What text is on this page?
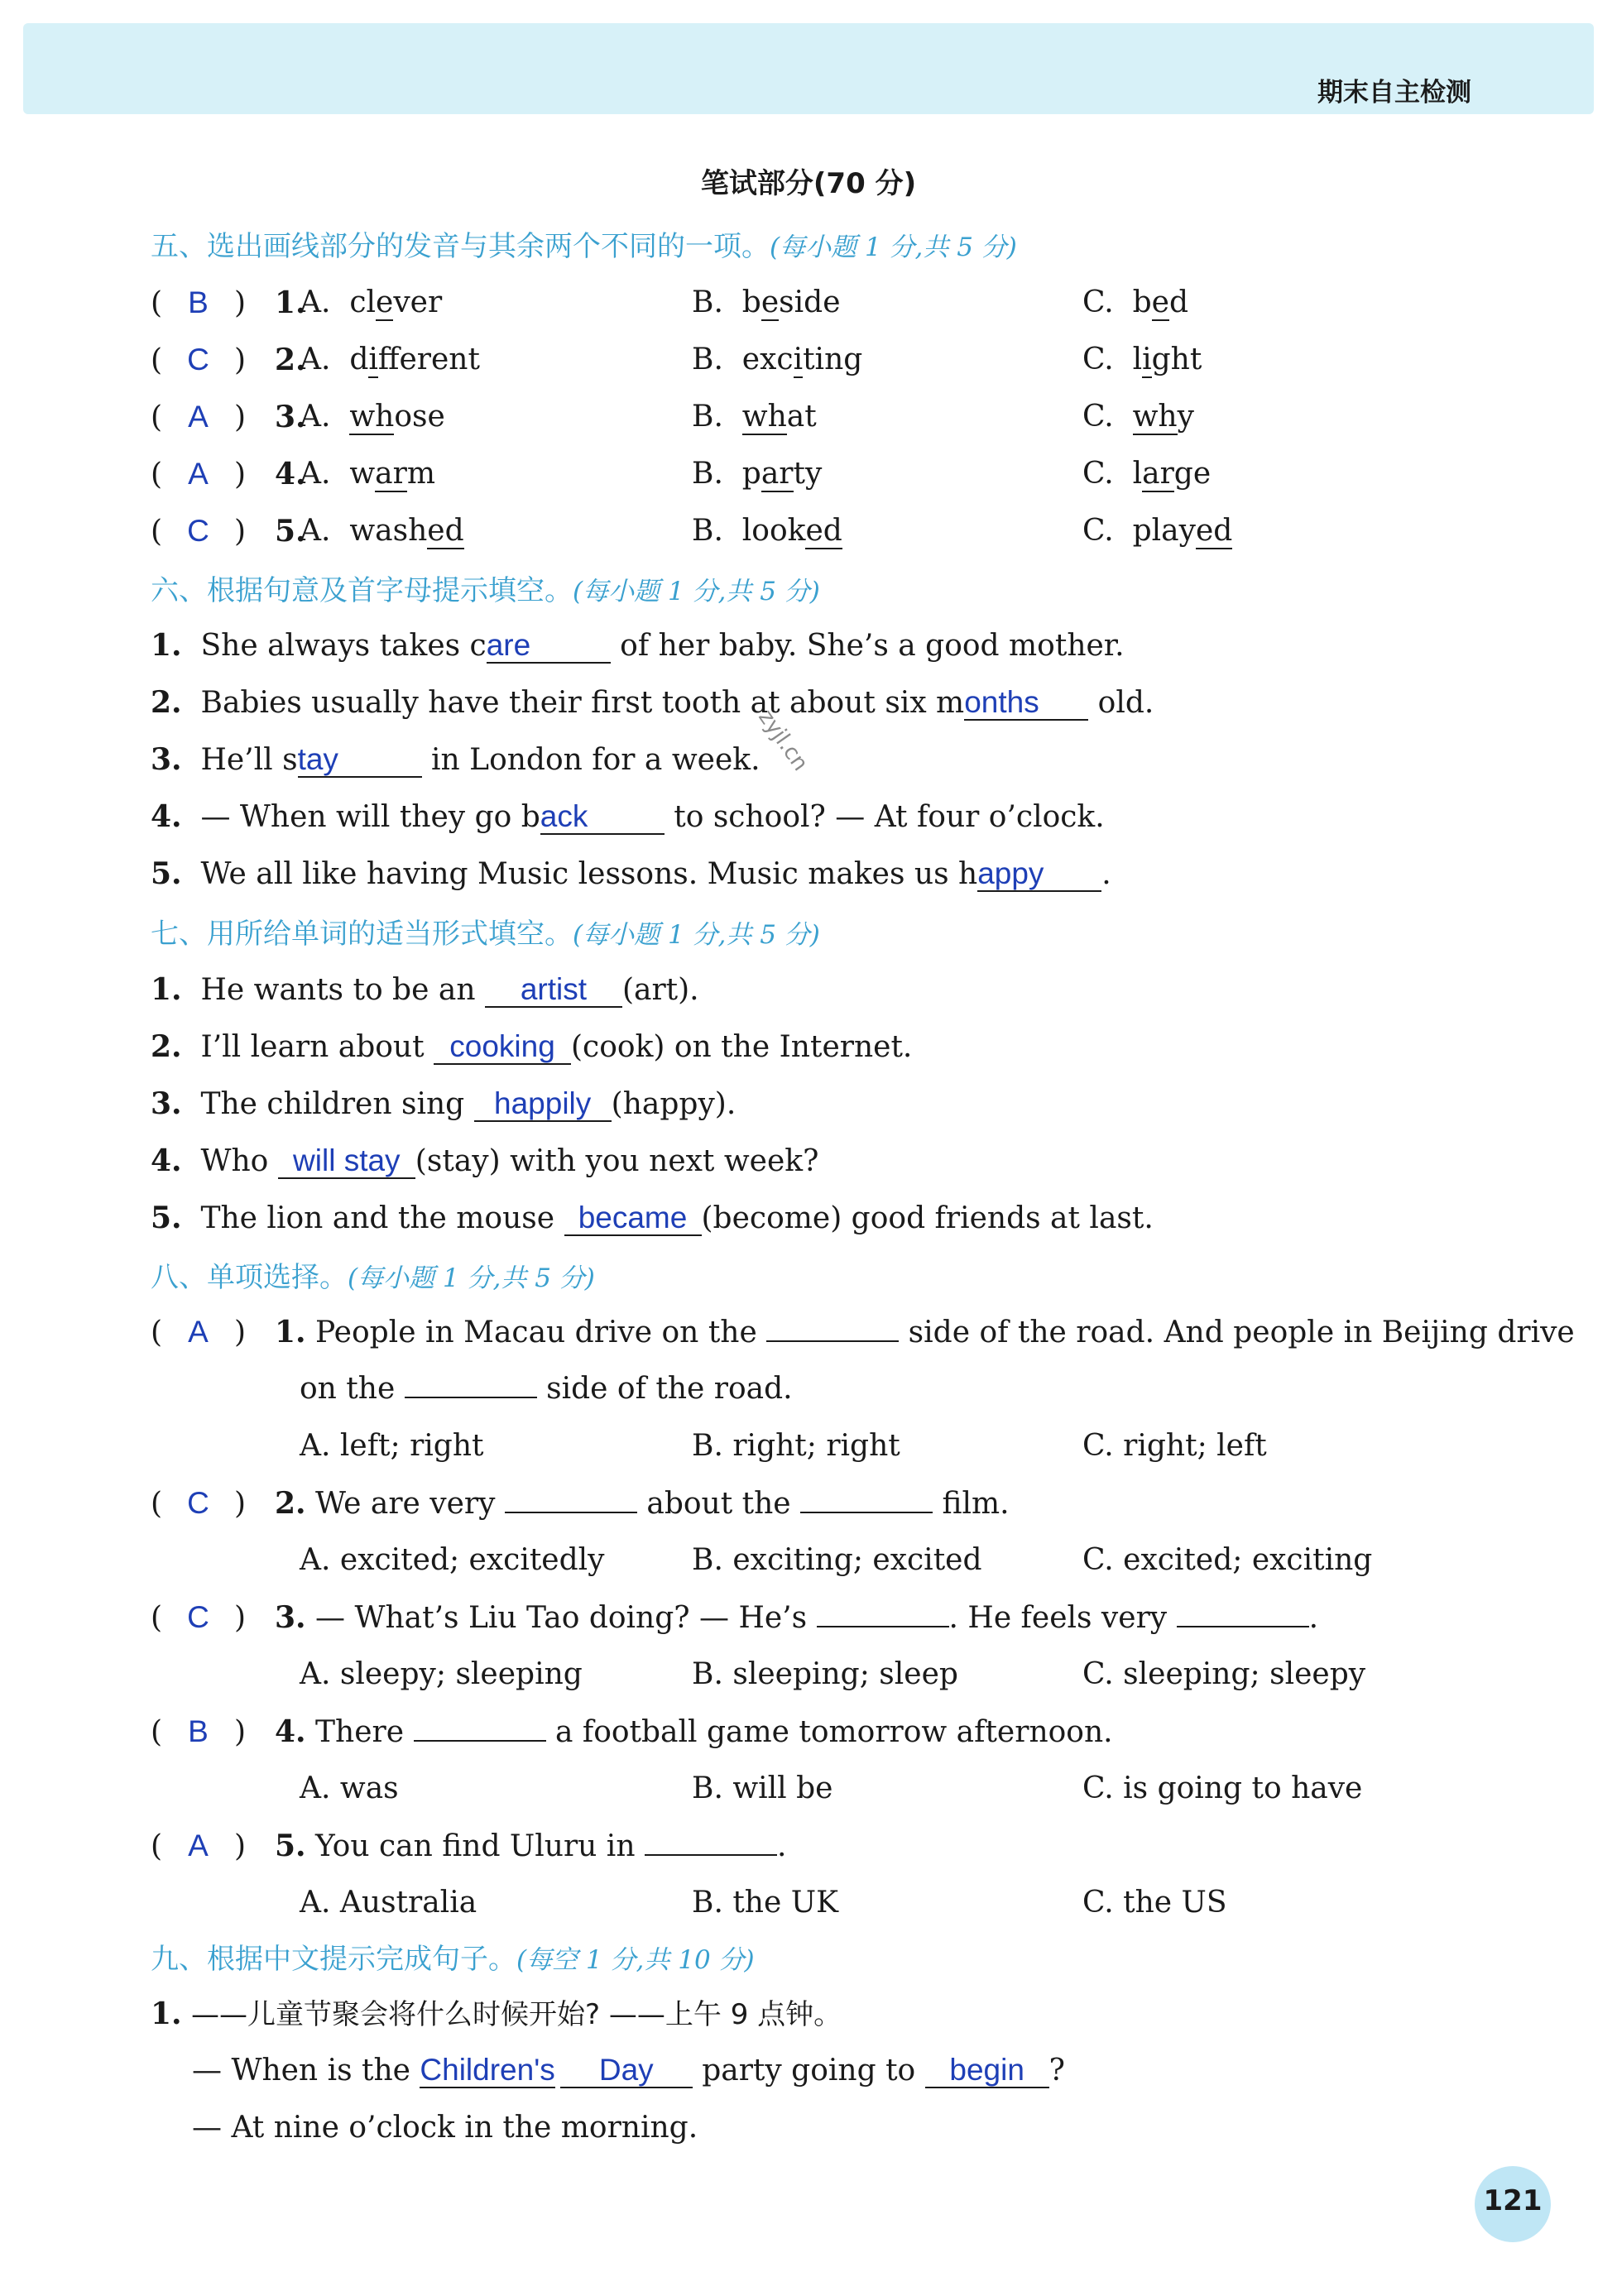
期末自主检测
笔试部分(70 分)
zyjl.cn
五、选出画线部分的发音与其余两个不同的一项。(每小题 1 分,共 5 分)
( B ) 1.
A.  clever	B.  beside	C.  bed
( C ) 2.
A.  different	B.  exciting	C.  light
( A ) 3.
A.  whose	B.  what	C.  why
( A ) 4.
A.  warm	B.  party	C.  large
( C ) 5.
A.  washed	B.  looked	C.  played
六、根据句意及首字母提示填空。(每小题 1 分,共 5 分)
1. She always takes care	of her baby. She’s a good mother.
2. Babies usually have their first tooth at about six months old.
3. He’ll stay	in London for a week.
4. — When will they go back	to school? — At four o’clock.
5. We all like having Music lessons. Music makes us happy .
七、用所给单词的适当形式填空。(每小题 1 分,共 5 分)
1. He wants to be an artist (art).
2. I’ll learn about cooking (cook) on the Internet.
3. The children sing happily (happy).
4. Who will stay (stay) with you next week?
5. The lion and the mouse became (become) good friends at last.
八、单项选择。(每小题 1 分,共 5 分)
( A ) 1. People in Macau drive on the	side of the road. And people in Beijing drive
on the	side of the road.
A. left; right	B. right; right	C. right; left
( C ) 2. We are very	about the	film.
A. excited; excitedly	B. exciting; excited	C. excited; exciting
( C ) 3. — What’s Liu Tao doing? — He’s	. He feels very	.
A. sleepy; sleeping	B. sleeping; sleep	C. sleeping; sleepy
( B ) 4. There	a football game tomorrow afternoon.
A. was	B. will be	C. is going to have
( A ) 5. You can find Uluru in	.
A. Australia	B. the UK	C. the US
九、根据中文提示完成句子。(每空 1 分,共 10 分)
1. ——儿童节聚会将什么时候开始? ——上午 9 点钟。
— When is the Children's Day party going to begin ?
— At nine o’clock in the morning.
121
